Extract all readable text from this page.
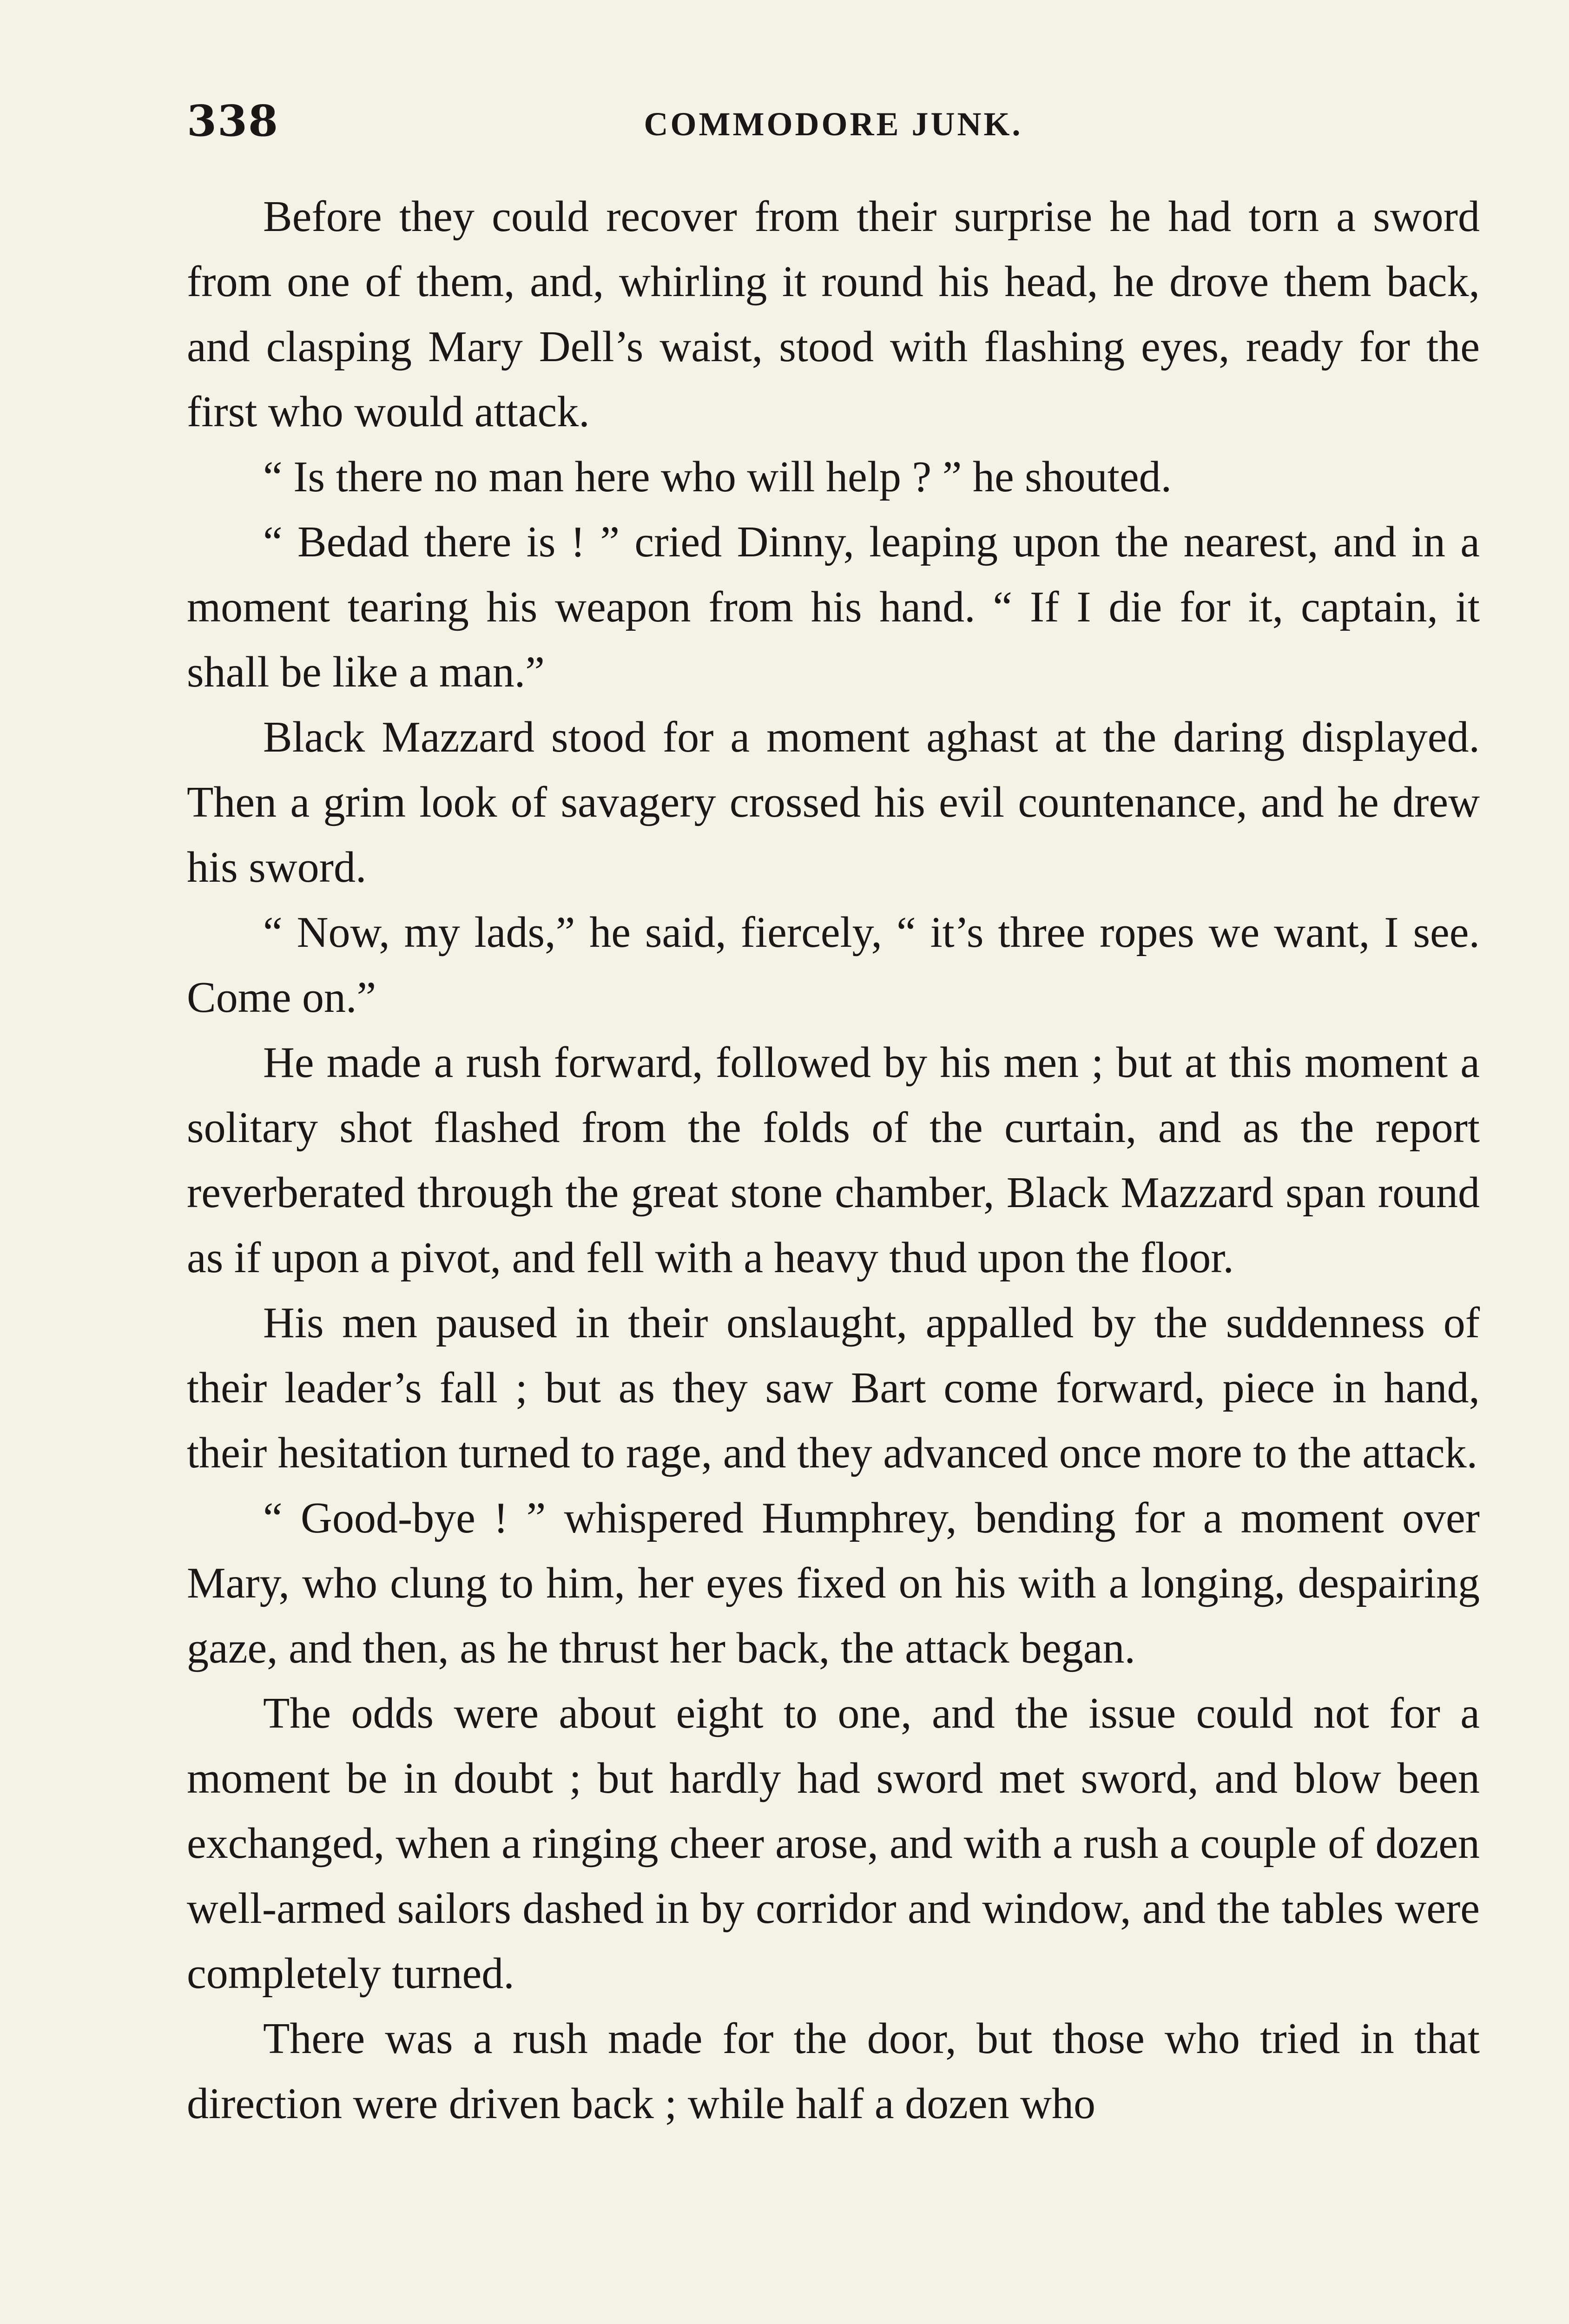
338	COMMODORE JUNK.

Before they could recover from their surprise he had torn a sword from one of them, and, whirling it round his head, he drove them back, and clasping Mary Dell’s waist, stood with flashing eyes, ready for the first who would attack.

“ Is there no man here who will help ? ” he shouted.

“ Bedad there is ! ” cried Dinny, leaping upon the nearest, and in a moment tearing his weapon from his hand. “ If I die for it, captain, it shall be like a man.”

Black Mazzard stood for a moment aghast at the daring displayed. Then a grim look of savagery crossed his evil countenance, and he drew his sword.

“ Now, my lads,” he said, fiercely, “ it’s three ropes we want, I see. Come on.”

He made a rush forward, followed by his men ; but at this moment a solitary shot flashed from the folds of the curtain, and as the report reverberated through the great stone chamber, Black Mazzard span round as if upon a pivot, and fell with a heavy thud upon the floor.

His men paused in their onslaught, appalled by the suddenness of their leader’s fall ; but as they saw Bart come forward, piece in hand, their hesitation turned to rage, and they advanced once more to the attack.

“ Good-bye ! ” whispered Humphrey, bending for a moment over Mary, who clung to him, her eyes fixed on his with a longing, despairing gaze, and then, as he thrust her back, the attack began.

The odds were about eight to one, and the issue could not for a moment be in doubt ; but hardly had sword met sword, and blow been exchanged, when a ringing cheer arose, and with a rush a couple of dozen well-armed sailors dashed in by corridor and window, and the tables were completely turned.

There was a rush made for the door, but those who tried in that direction were driven back ; while half a dozen who
